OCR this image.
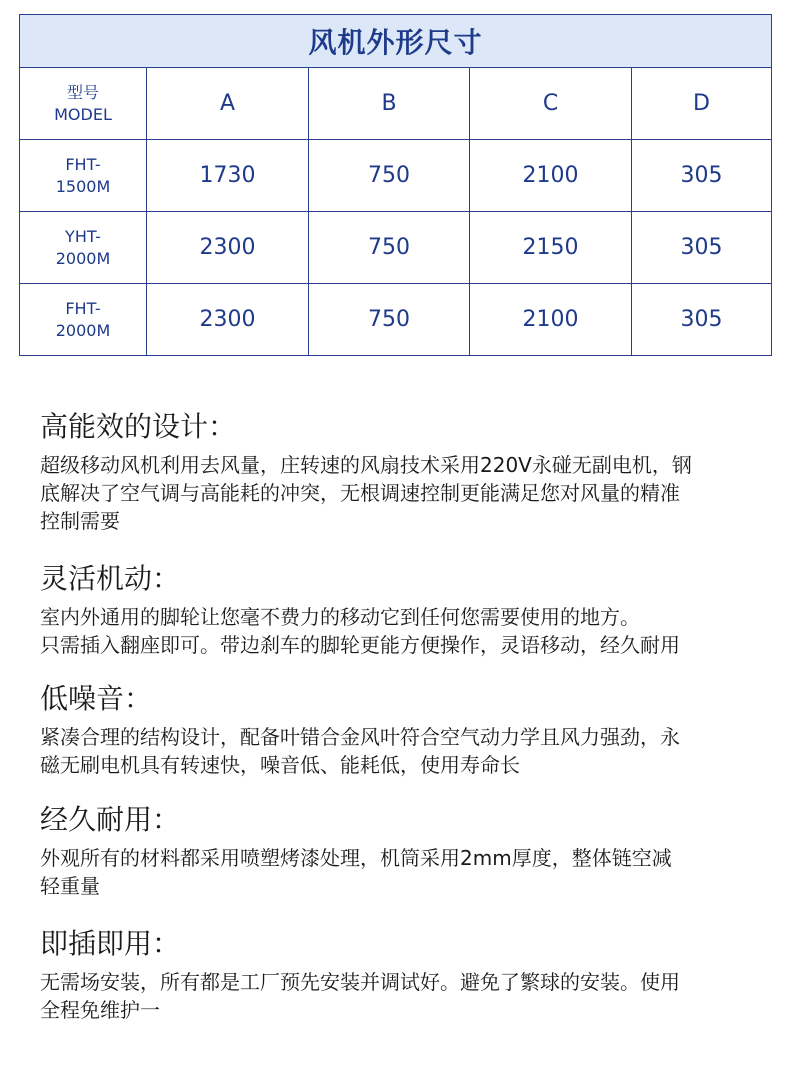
风机外形尺寸				

型号
MODEL	A	B	C	D

FHT-
1500M	1730	750	2100	305

YHT-
2000M	2300	750	2150	305

FHT-
2000M	2300	750	2100	305
高能效的设计：

超级移动风机利用去风量，庄转速的风扇技术采用220V永碰无副电机，钢
底解决了空气调与高能耗的冲突，无根调速控制更能满足您对风量的精准
控制需要

灵活机动：

室内外通用的脚轮让您毫不费力的移动它到任何您需要使用的地方。
只需插入翻座即可。带边刹车的脚轮更能方便操作，灵语移动，经久耐用

低噪音：

紧凑合理的结构设计，配备叶错合金风叶符合空气动力学且风力强劲，永
磁无刷电机具有转速快，噪音低、能耗低，使用寿命长

经久耐用：

外观所有的材料都采用喷塑烤漆处理，机筒采用2mm厚度，整体链空减
轻重量

即插即用：

无需场安装，所有都是工厂预先安装并调试好。避免了繁球的安装。使用
全程免维护一
